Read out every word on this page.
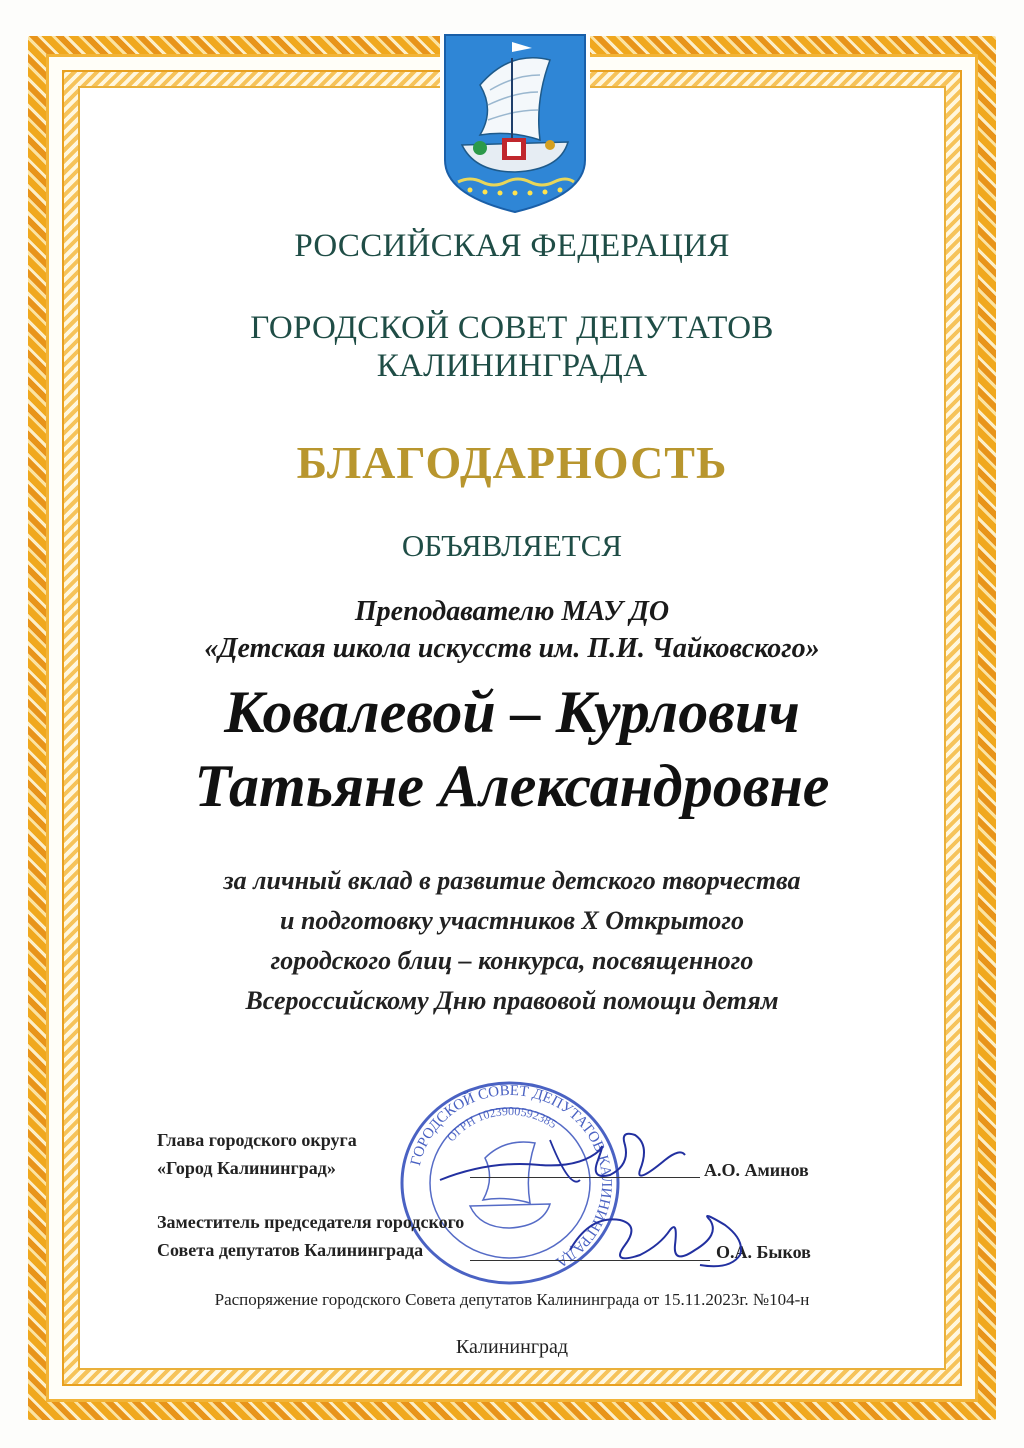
РОССИЙСКАЯ ФЕДЕРАЦИЯ
ГОРОДСКОЙ СОВЕТ ДЕПУТАТОВ
КАЛИНИНГРАДА
БЛАГОДАРНОСТЬ
ОБЪЯВЛЯЕТСЯ
Преподавателю МАУ ДО
«Детская школа искусств им. П.И. Чайковского»
Ковалевой – Курлович
Татьяне Александровне
за личный вклад в развитие детского творчества
и подготовку участников Х Открытого
городского блиц – конкурса, посвященного
Всероссийскому Дню правовой помощи детям
ГОРОДСКОЙ СОВЕТ ДЕПУТАТОВ КАЛИНИНГРАДА
ОГРН 1023900592385
Глава городского округа
«Город Калининград»	А.О. Аминов
Заместитель председателя городского
Совета депутатов Калининграда	О.А. Быков
Распоряжение городского Совета депутатов Калининграда от 15.11.2023г. №104-н
Калининград
